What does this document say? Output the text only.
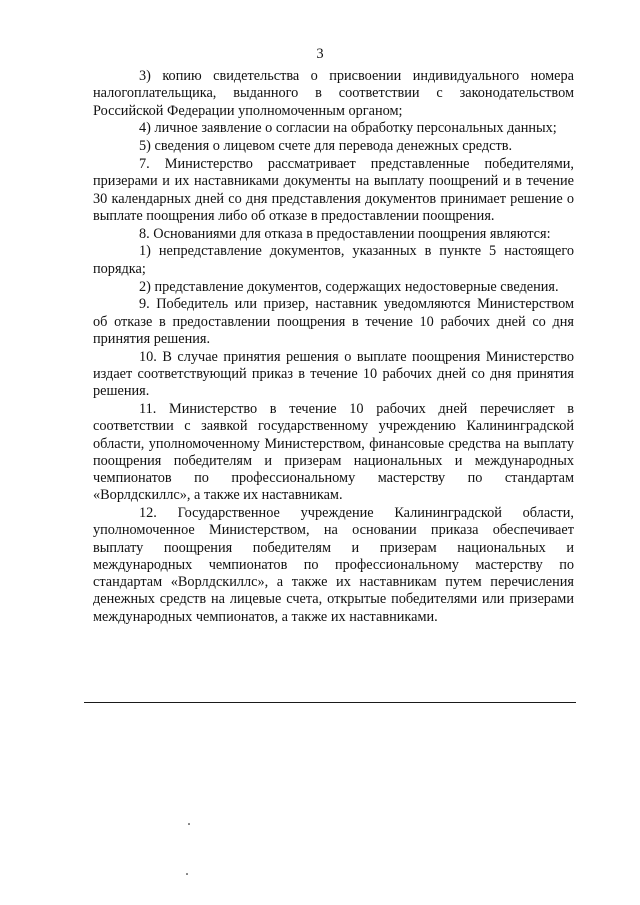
3

3) копию свидетельства о присвоении индивидуального номера налогоплательщика, выданного в соответствии с законодательством Российской Федерации уполномоченным органом;

4) личное заявление о согласии на обработку персональных данных;

5) сведения о лицевом счете для перевода денежных средств.

7. Министерство рассматривает представленные победителями, призерами и их наставниками документы на выплату поощрений и в течение 30 календарных дней со дня представления документов принимает решение о выплате поощрения либо об отказе в предоставлении поощрения.

8. Основаниями для отказа в предоставлении поощрения являются:

1) непредставление документов, указанных в пункте 5 настоящего порядка;

2) представление документов, содержащих недостоверные сведения.

9. Победитель или призер, наставник уведомляются Министерством об отказе в предоставлении поощрения в течение 10 рабочих дней со дня принятия решения.

10. В случае принятия решения о выплате поощрения Министерство издает соответствующий приказ в течение 10 рабочих дней со дня принятия решения.

11. Министерство в течение 10 рабочих дней перечисляет в соответствии с заявкой государственному учреждению Калининградской области, уполномоченному Министерством, финансовые средства на выплату поощрения победителям и призерам национальных и международных чемпионатов по профессиональному мастерству по стандартам «Ворлдскиллс», а также их наставникам.

12. Государственное учреждение Калининградской области, уполномоченное Министерством, на основании приказа обеспечивает выплату поощрения победителям и призерам национальных и международных чемпионатов по профессиональному мастерству по стандартам «Ворлдскиллс», а также их наставникам путем перечисления денежных средств на лицевые счета, открытые победителями или призерами международных чемпионатов, а также их наставниками.
